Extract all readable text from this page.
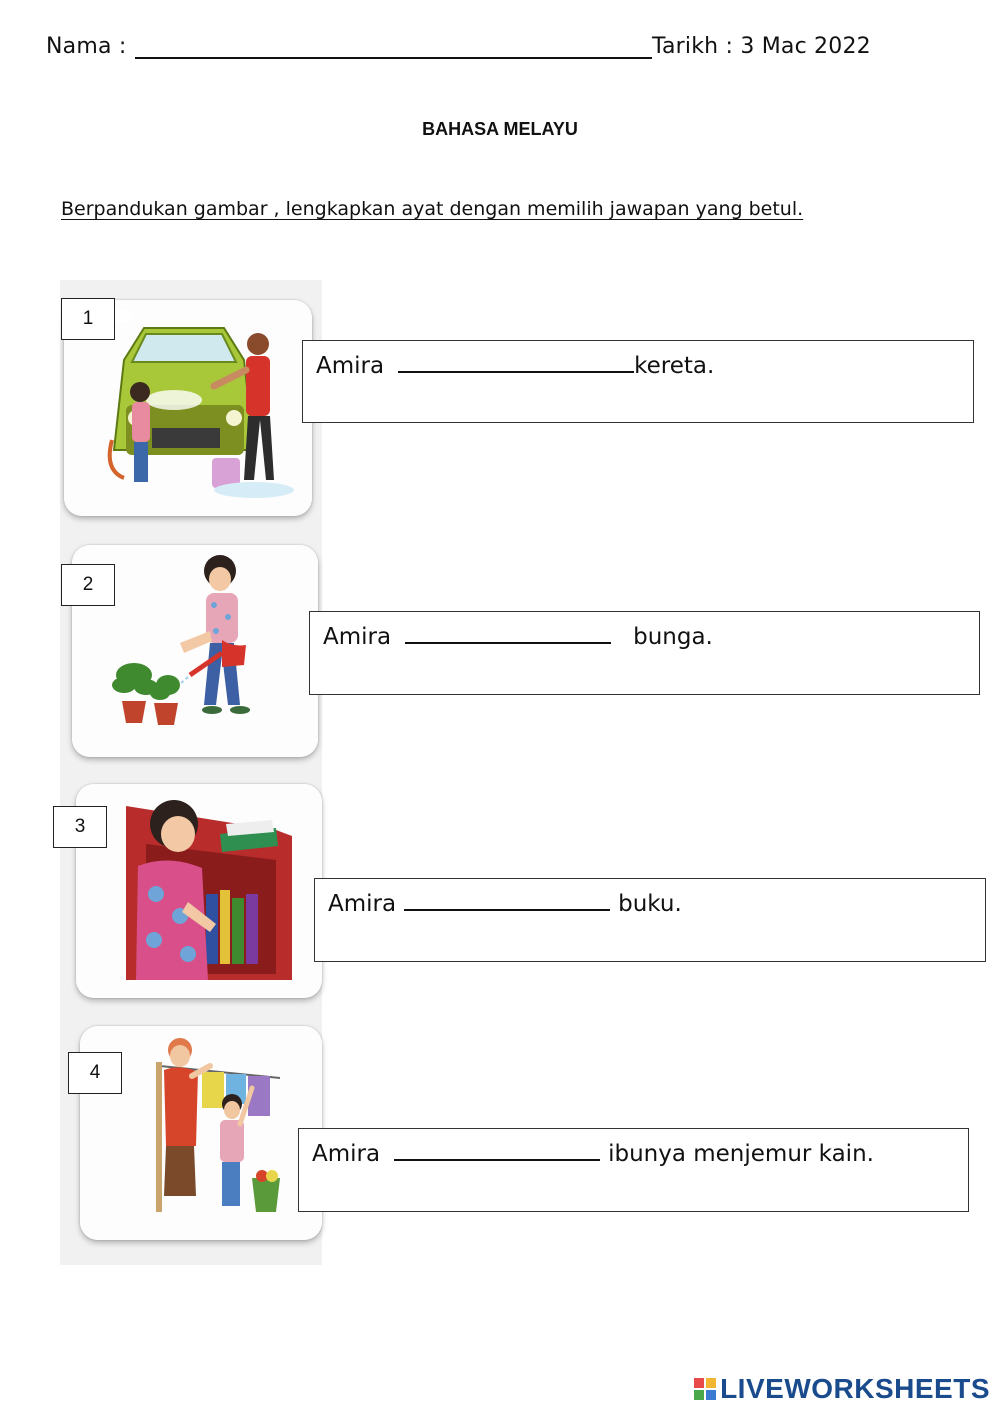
Nama :	Tarikh : 3 Mac 2022
BAHASA MELAYU
Berpandukan gambar , lengkapkan ayat dengan memilih jawapan yang betul.
1
Amira	kereta.
2
Amira	bunga.
3
Amira	buku.
4
Amira	ibunya menjemur kain.
LIVEWORKSHEETS
